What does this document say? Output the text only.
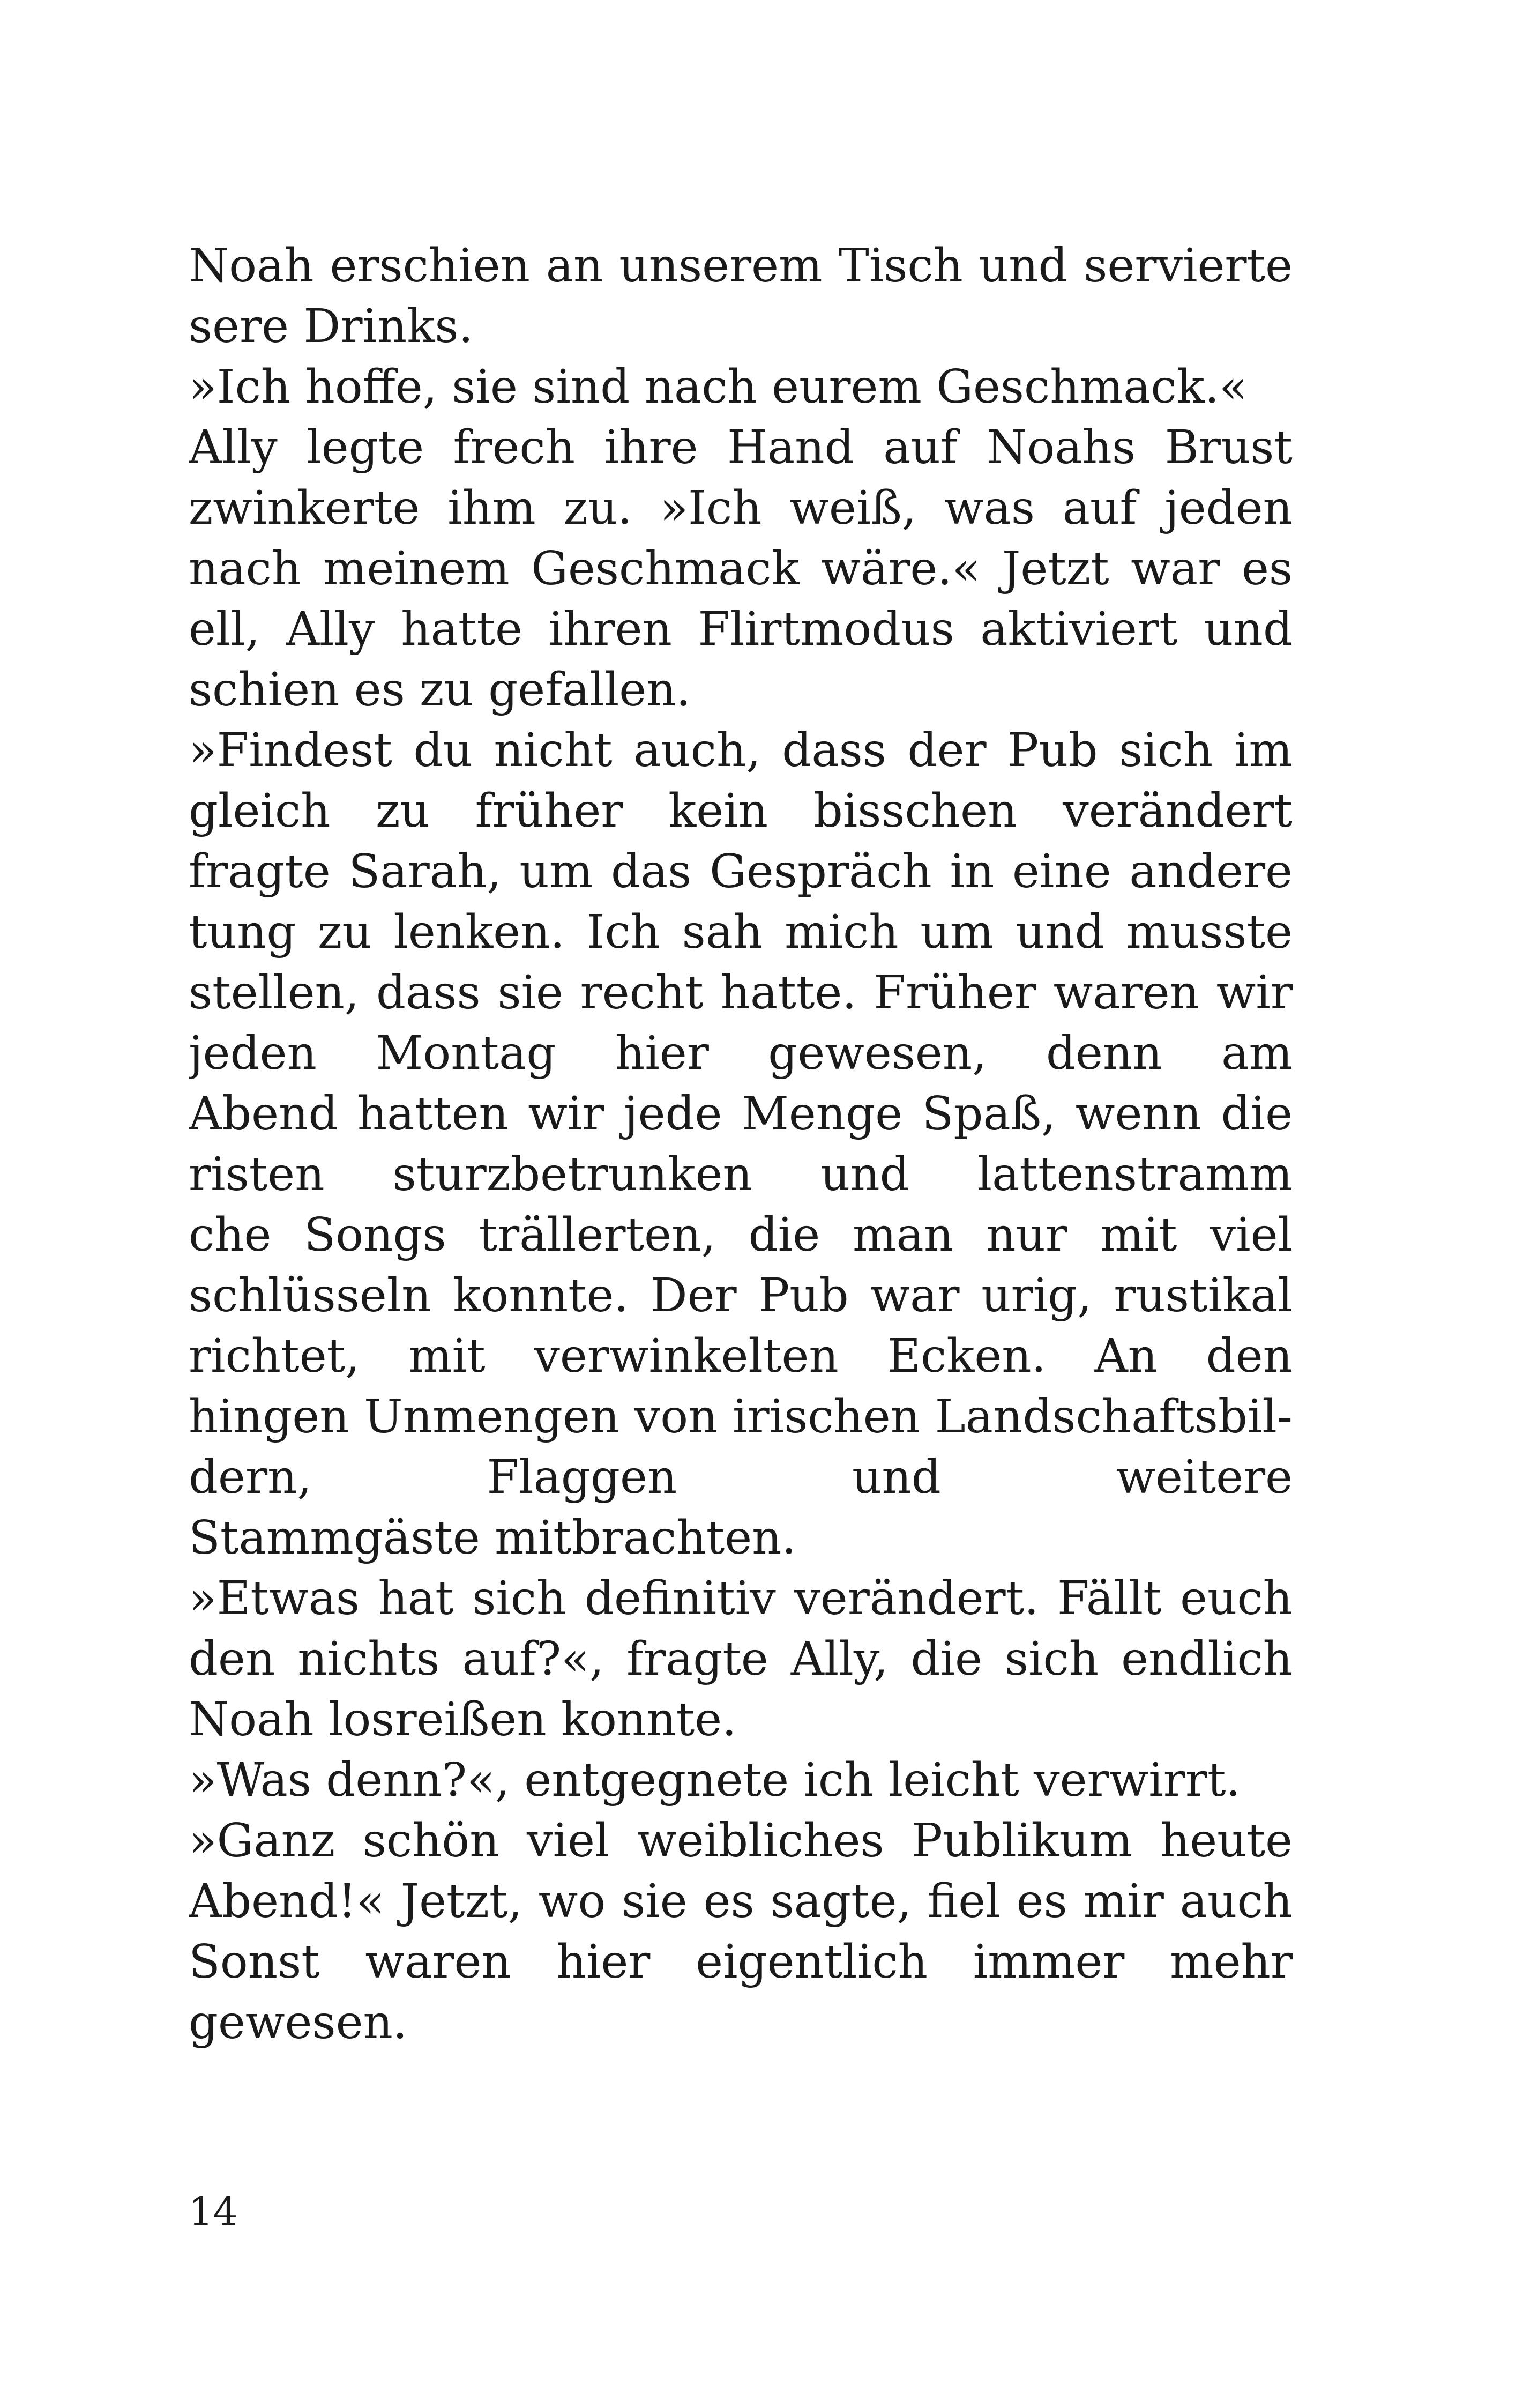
Noah erschien an unserem Tisch und servierte
sere Drinks.
»Ich hoffe, sie sind nach eurem Geschmack.«
Ally legte frech ihre Hand auf Noahs Brust
zwinkerte ihm zu. »Ich weiß, was auf jeden
nach meinem Geschmack wäre.« Jetzt war es
ell, Ally hatte ihren Flirtmodus aktiviert und
schien es zu gefallen.
»Findest du nicht auch, dass der Pub sich im
gleich zu früher kein bisschen verändert
fragte Sarah, um das Gespräch in eine andere
tung zu lenken. Ich sah mich um und musste
stellen, dass sie recht hatte. Früher waren wir
jeden Montag hier gewesen, denn am
Abend hatten wir jede Menge Spaß, wenn die
risten sturzbetrunken und lattenstramm
che Songs trällerten, die man nur mit viel
schlüsseln konnte. Der Pub war urig, rustikal
richtet, mit verwinkelten Ecken. An den
hingen Unmengen von irischen Landschaftsbil-
dern, Flaggen und weitere
Stammgäste mitbrachten.
»Etwas hat sich definitiv verändert. Fällt euch
den nichts auf?«, fragte Ally, die sich endlich
Noah losreißen konnte.
»Was denn?«, entgegnete ich leicht verwirrt.
»Ganz schön viel weibliches Publikum heute
Abend!« Jetzt, wo sie es sagte, fiel es mir auch
Sonst waren hier eigentlich immer mehr
gewesen.
14
